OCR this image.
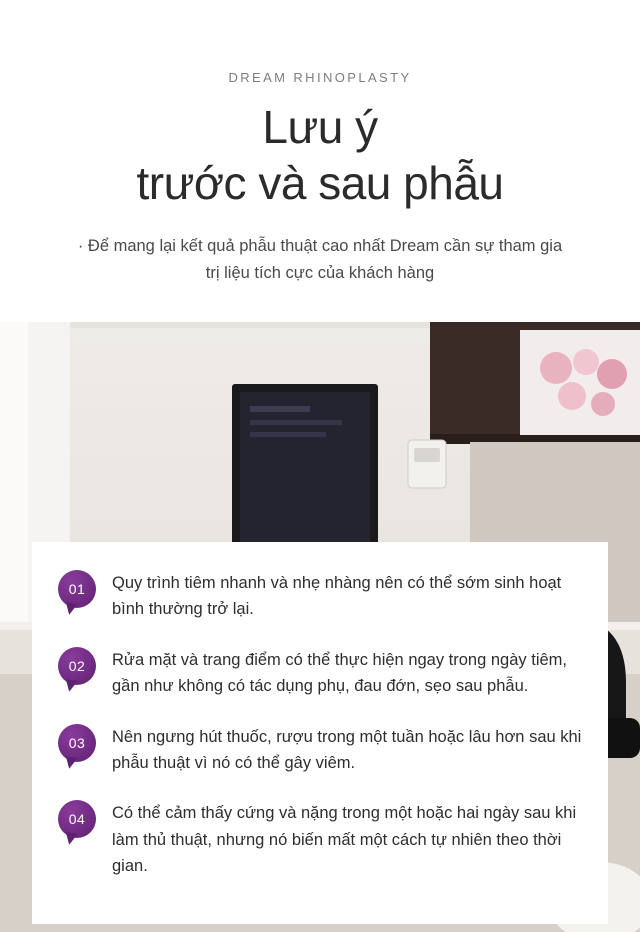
DREAM RHINOPLASTY
Lưu ý
trước và sau phẫu
· Để mang lại kết quả phẫu thuật cao nhất Dream cần sự tham gia trị liệu tích cực của khách hàng
01	Quy trình tiêm nhanh và nhẹ nhàng nên có thể sớm sinh hoạt bình thường trở lại.
02	Rửa mặt và trang điểm có thể thực hiện ngay trong ngày tiêm, gần như không có tác dụng phụ, đau đớn, sẹo sau phẫu.
03	Nên ngưng hút thuốc, rượu trong một tuần hoặc lâu hơn sau khi phẫu thuật vì nó có thể gây viêm.
04	Có thể cảm thấy cứng và nặng trong một hoặc hai ngày sau khi làm thủ thuật, nhưng nó biến mất một cách tự nhiên theo thời gian.
